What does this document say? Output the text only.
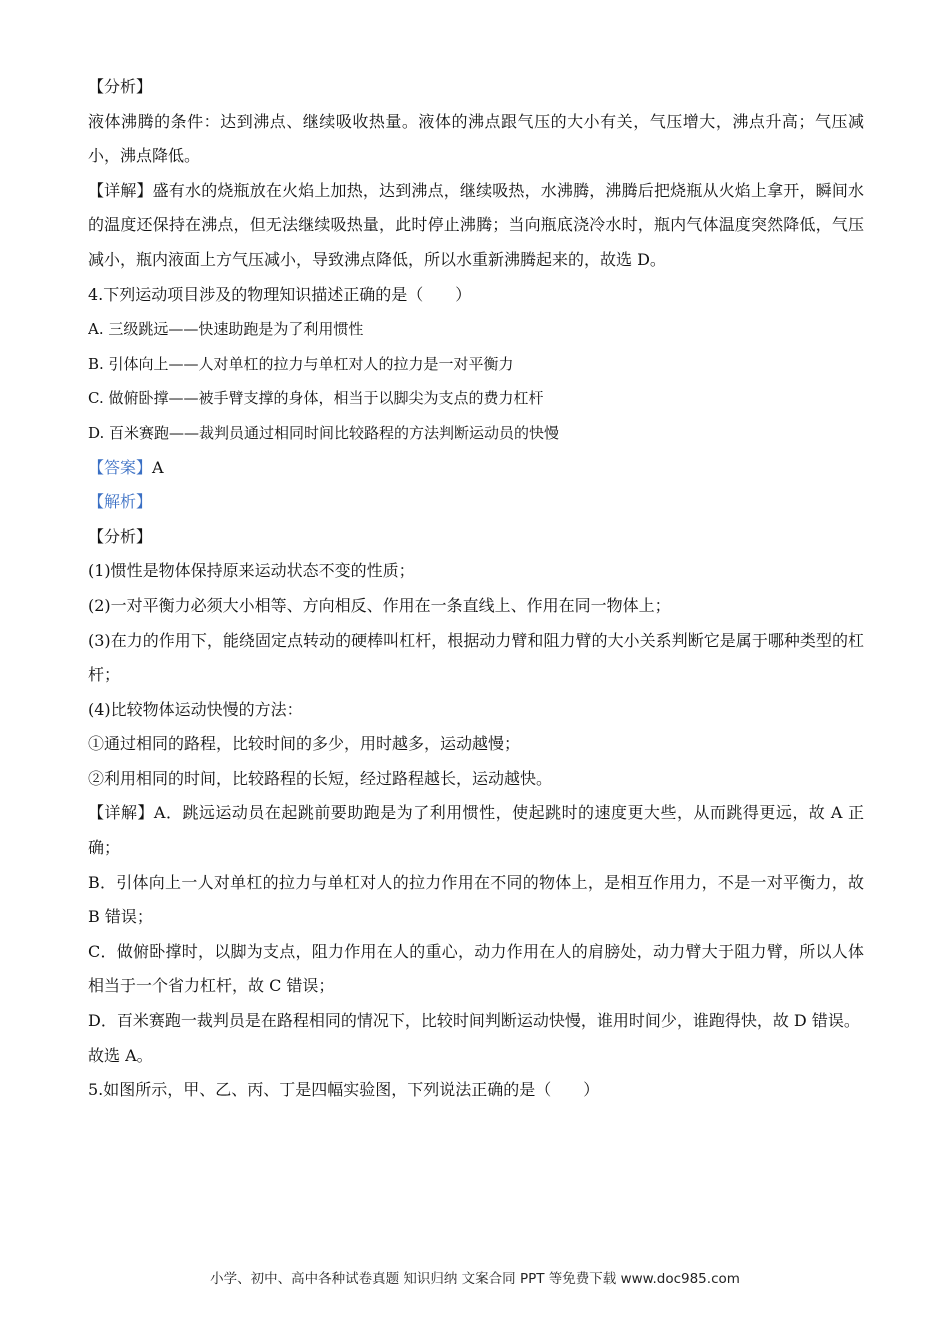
【分析】
液体沸腾的条件：达到沸点、继续吸收热量。液体的沸点跟气压的大小有关，气压增大，沸点升高；气压减小，沸点降低。
【详解】盛有水的烧瓶放在火焰上加热，达到沸点，继续吸热，水沸腾，沸腾后把烧瓶从火焰上拿开，瞬间水的温度还保持在沸点，但无法继续吸热量，此时停止沸腾；当向瓶底浇冷水时，瓶内气体温度突然降低，气压减小，瓶内液面上方气压减小，导致沸点降低，所以水重新沸腾起来的，故选 D。
4.下列运动项目涉及的物理知识描述正确的是（　　）
A. 三级跳远——快速助跑是为了利用惯性
B. 引体向上——人对单杠的拉力与单杠对人的拉力是一对平衡力
C. 做俯卧撑——被手臂支撑的身体，相当于以脚尖为支点的费力杠杆
D. 百米赛跑——裁判员通过相同时间比较路程的方法判断运动员的快慢
【答案】A
【解析】
【分析】
(1)惯性是物体保持原来运动状态不变的性质；
(2)一对平衡力必须大小相等、方向相反、作用在一条直线上、作用在同一物体上；
(3)在力的作用下，能绕固定点转动的硬棒叫杠杆，根据动力臂和阻力臂的大小关系判断它是属于哪种类型的杠杆；
(4)比较物体运动快慢的方法：
①通过相同的路程，比较时间的多少，用时越多，运动越慢；
②利用相同的时间，比较路程的长短，经过路程越长，运动越快。
【详解】A．跳远运动员在起跳前要助跑是为了利用惯性，使起跳时的速度更大些，从而跳得更远，故 A 正确；
B．引体向上一人对单杠的拉力与单杠对人的拉力作用在不同的物体上，是相互作用力，不是一对平衡力，故 B 错误；
C．做俯卧撑时，以脚为支点，阻力作用在人的重心，动力作用在人的肩膀处，动力臂大于阻力臂，所以人体相当于一个省力杠杆，故 C 错误；
D．百米赛跑一裁判员是在路程相同的情况下，比较时间判断运动快慢，谁用时间少，谁跑得快，故 D 错误。
故选 A。
5.如图所示，甲、乙、丙、丁是四幅实验图，下列说法正确的是（　　）
小学、初中、高中各种试卷真题 知识归纳 文案合同 PPT 等免费下载 www.doc985.com
